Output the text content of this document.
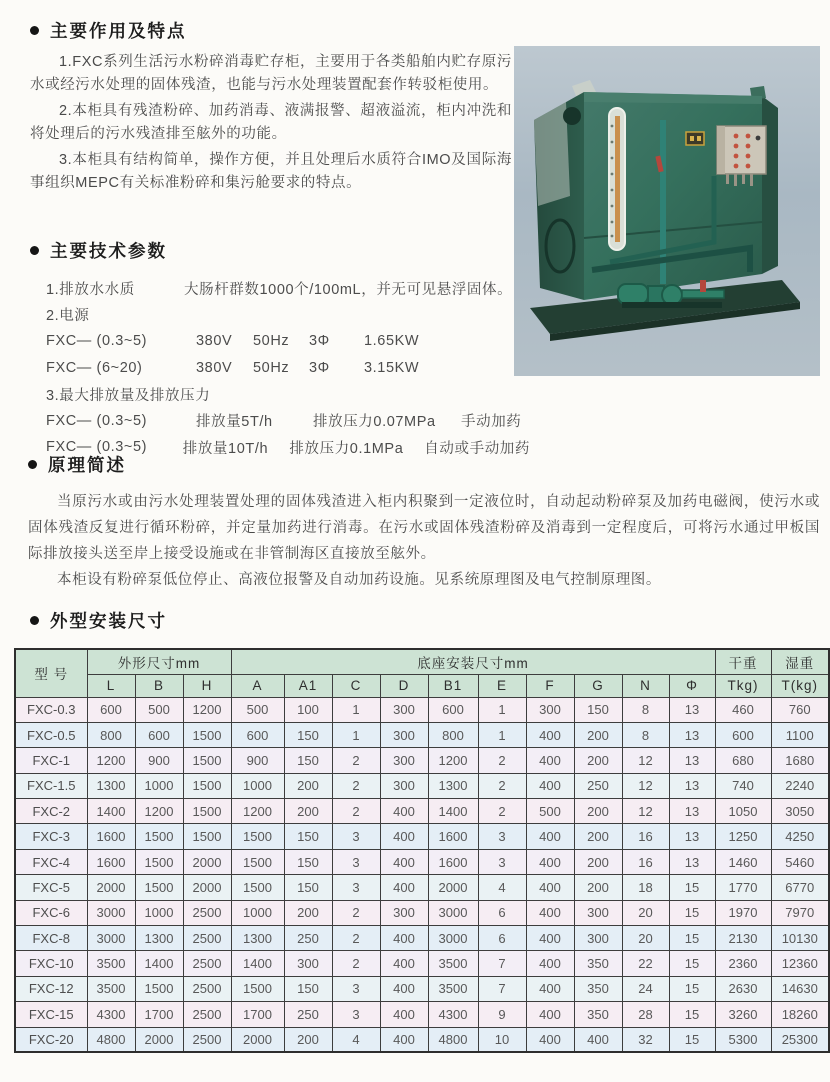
主要作用及特点

1.FXC系列生活污水粉碎消毒贮存柜，主要用于各类船舶内贮存原污水或经污水处理的固体残渣，也能与污水处理装置配套作转驳柜使用。

2.本柜具有残渣粉碎、加药消毒、液满报警、超液溢流，柜内冲洗和将处理后的污水残渣排至舷外的功能。

3.本柜具有结构简单，操作方便，并且处理后水质符合IMO及国际海事组织MEPC有关标准粉碎和集污舱要求的特点。

主要技术参数
1.排放水水质	大肠杆群数1000个/100mL，并无可见悬浮固体。
2.电源
FXC— (0.3~5)	380V	50Hz	3Φ	1.65KW
FXC— (6~20)	380V	50Hz	3Φ	3.15KW
3.最大排放量及排放压力
FXC— (0.3~5)	排放量5T/h	排放压力0.07MPa	手动加药
FXC— (0.3~5)	排放量10T/h	排放压力0.1MPa	自动或手动加药
原理简述

当原污水或由污水处理装置处理的固体残渣进入柜内积聚到一定液位时，自动起动粉碎泵及加药电磁阀，使污水或固体残渣反复进行循环粉碎，并定量加药进行消毒。在污水或固体残渣粉碎及消毒到一定程度后，可将污水通过甲板国际排放接头送至岸上接受设施或在非管制海区直接放至舷外。

本柜设有粉碎泵低位停止、高液位报警及自动加药设施。见系统原理图及电气控制原理图。

外型安装尺寸
型 号	外形尺寸mm			底座安装尺寸mm										干重	湿重
	L	B	H	A	A1	C	D	B1	E	F	G	N	Φ	Tkg)	T(kg)
FXC-0.3	600	500	1200	500	100	1	300	600	1	300	150	8	13	460	760
FXC-0.5	800	600	1500	600	150	1	300	800	1	400	200	8	13	600	1100
FXC-1	1200	900	1500	900	150	2	300	1200	2	400	200	12	13	680	1680
FXC-1.5	1300	1000	1500	1000	200	2	300	1300	2	400	250	12	13	740	2240
FXC-2	1400	1200	1500	1200	200	2	400	1400	2	500	200	12	13	1050	3050
FXC-3	1600	1500	1500	1500	150	3	400	1600	3	400	200	16	13	1250	4250
FXC-4	1600	1500	2000	1500	150	3	400	1600	3	400	200	16	13	1460	5460
FXC-5	2000	1500	2000	1500	150	3	400	2000	4	400	200	18	15	1770	6770
FXC-6	3000	1000	2500	1000	200	2	300	3000	6	400	300	20	15	1970	7970
FXC-8	3000	1300	2500	1300	250	2	400	3000	6	400	300	20	15	2130	10130
FXC-10	3500	1400	2500	1400	300	2	400	3500	7	400	350	22	15	2360	12360
FXC-12	3500	1500	2500	1500	150	3	400	3500	7	400	350	24	15	2630	14630
FXC-15	4300	1700	2500	1700	250	3	400	4300	9	400	350	28	15	3260	18260
FXC-20	4800	2000	2500	2000	200	4	400	4800	10	400	400	32	15	5300	25300
